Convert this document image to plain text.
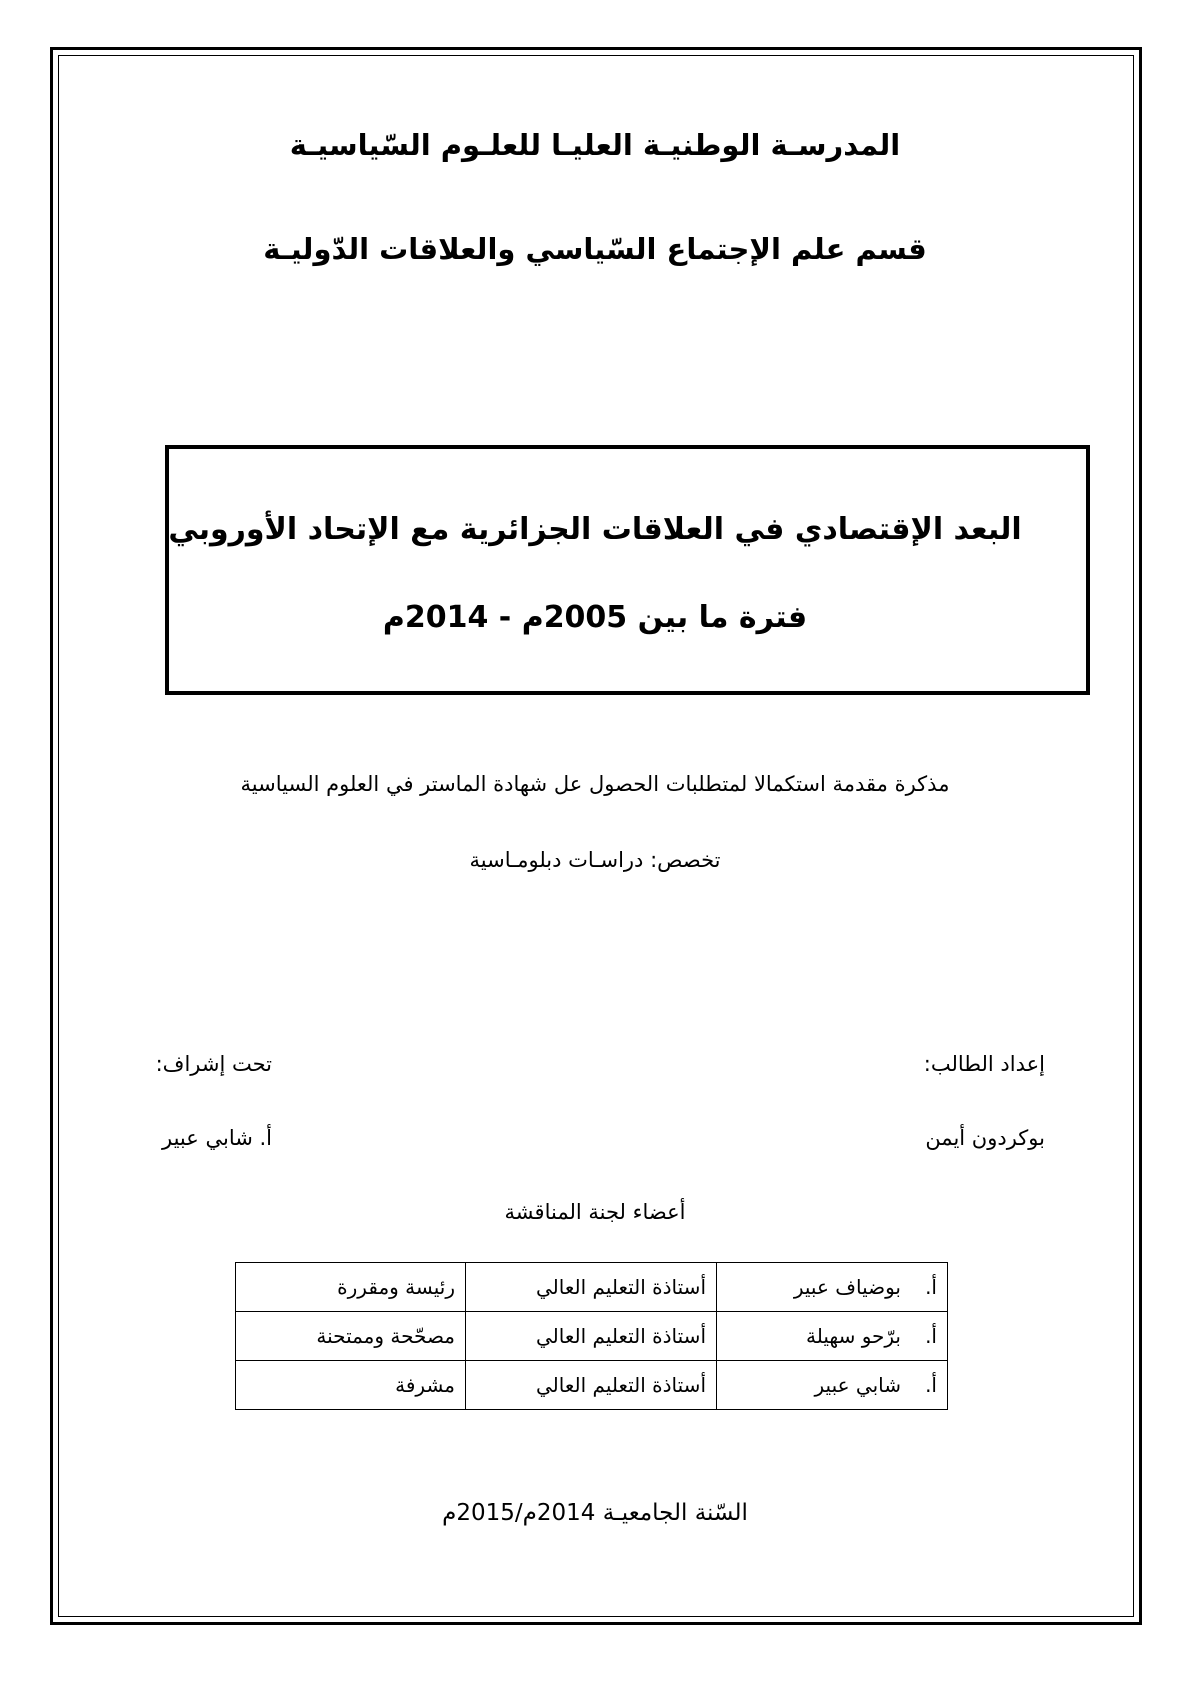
المدرسـة الوطنيـة العليـا للعلـوم السّياسيـة
قسم علم الإجتماع السّياسي والعلاقات الدّوليـة
البعد الإقتصادي في العلاقات الجزائرية مع الإتحاد الأوروبي
فترة ما بين 2005م - 2014م
مذكرة مقدمة استكمالا لمتطلبات الحصول عل شهادة الماستر في العلوم السياسية
تخصص: دراسـات دبلومـاسية
إعداد الطالب:
بوكردون أيمن
تحت إشراف:
أ. شابي عبير
أعضاء لجنة المناقشة
أ.بوضياف عبير	أستاذة التعليم العالي	رئيسة ومقررة
أ.برّحو سهيلة	أستاذة التعليم العالي	مصحّحة وممتحنة
أ.شابي عبير	أستاذة التعليم العالي	مشرفة
السّنة الجامعيـة 2014م/2015م
